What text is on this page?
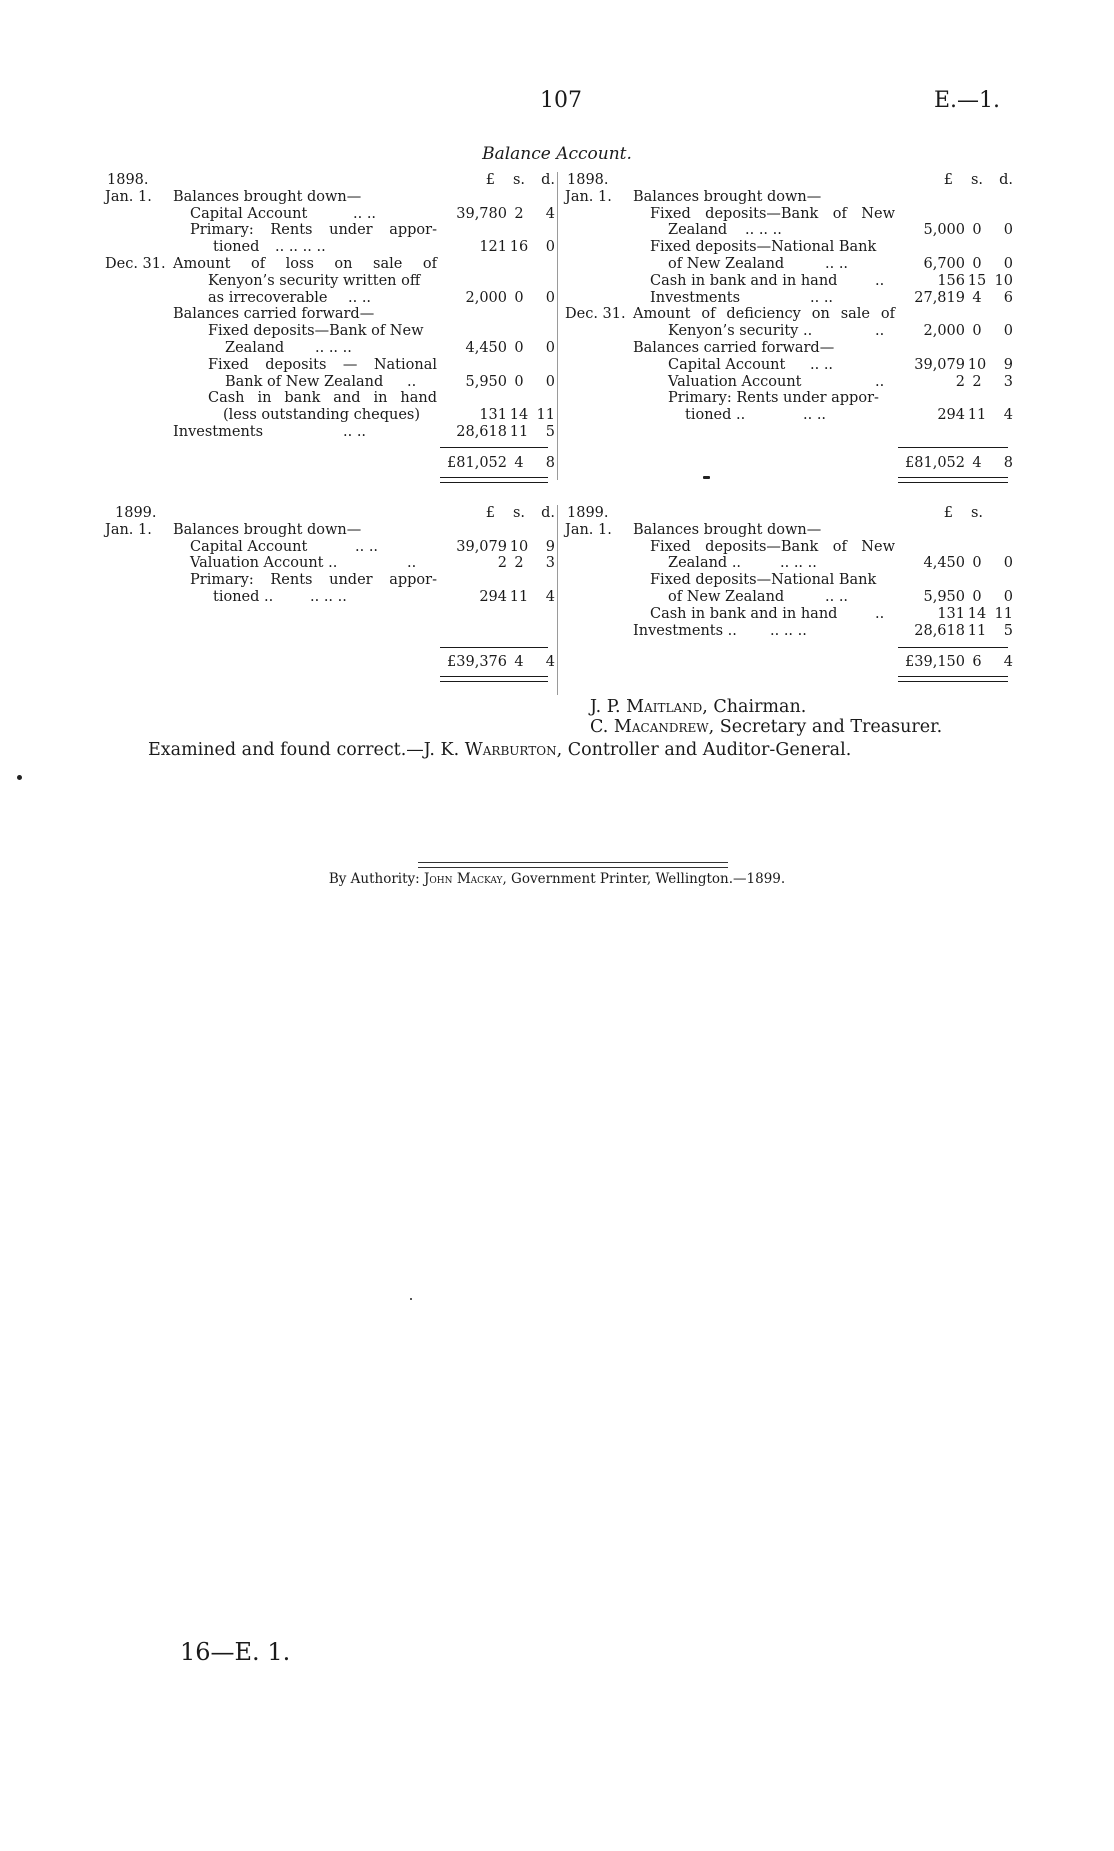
107	E.—1.
Balance Account.
1898.	£	s.	d.
Jan. 1. Balances brought down—
Capital Account	.. ..	39,780 2	4
Primary: Rents under appor-
tioned .. .. .. ..	121 16	0
Dec. 31. Amount of loss on sale of
Kenyon’s security written off
as irrecoverable .. ..	2,000 0	0
Balances carried forward—
Fixed deposits—Bank of New
Zealand .. .. ..	4,450 0	0
Fixed deposits — National
Bank of New Zealand ..	5,950 0	0
Cash in bank and in hand
(less outstanding cheques)	131 14 11
Investments	.. ..	28,618 11	5
£81,052 4	8
1898.	£	s.	d.
Jan. 1. Balances brought down—
Fixed deposits—Bank of New
Zealand .. .. ..	5,000 0	0
Fixed deposits—National Bank
of New Zealand	.. ..	6,700 0	0
Cash in bank and in hand	..	156 15 10
Investments	.. ..	27,819 4	6
Dec. 31. Amount of deficiency on sale of
Kenyon’s security ..	..	2,000 0	0
Balances carried forward—
Capital Account .. ..	39,079 10	9
Valuation Account	..	2 2	3
Primary: Rents under appor-
tioned ..	.. ..	294 11	4
£81,052 4	8
1899.	£	s.	d.
Jan. 1. Balances brought down—
Capital Account	.. ..	39,079 10	9
Valuation Account ..	..	2 2	3
Primary: Rents under appor-
tioned ..	.. .. ..	294 11	4
£39,376 4	4
1899.	£	s.
Jan. 1. Balances brought down—
Fixed deposits—Bank of New
Zealand ..	.. .. ..	4,450 0	0
Fixed deposits—National Bank
of New Zealand	.. ..	5,950 0	0
Cash in bank and in hand	..	131 14 11
Investments .. .. .. ..	28,618 11	5
£39,150 6	4
J. P. Maitland, Chairman.
C. Macandrew, Secretary and Treasurer.
Examined and found correct.—J. K. Warburton, Controller and Auditor-General.
By Authority: John Mackay, Government Printer, Wellington.—1899.
16—E. 1.
